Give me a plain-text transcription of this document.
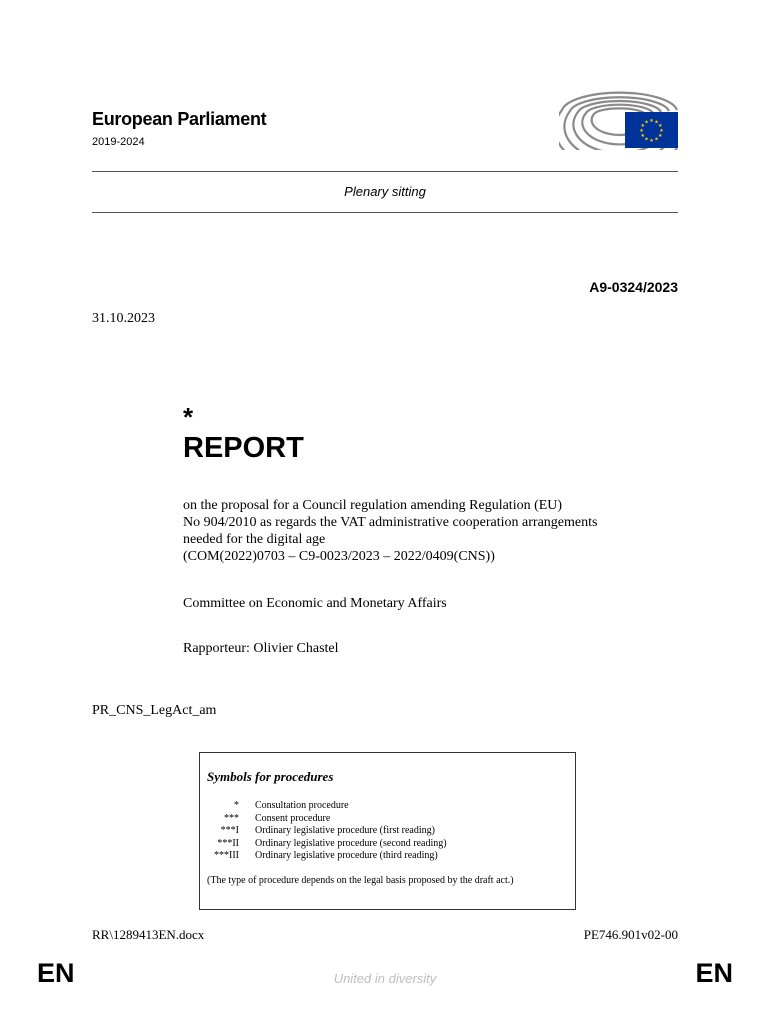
European Parliament
2019-2024
★ ★
★
★
★
★
★
★
★
★
★
★
Plenary sitting
A9-0324/2023
31.10.2023
*
REPORT
on the proposal for a Council regulation amending Regulation (EU)
No 904/2010 as regards the VAT administrative cooperation arrangements
needed for the digital age
(COM(2022)0703 – C9-0023/2023 – 2022/0409(CNS))
Committee on Economic and Monetary Affairs
Rapporteur: Olivier Chastel
PR_CNS_LegAct_am
Symbols for procedures
* Consultation procedure
*** Consent procedure
***I Ordinary legislative procedure (first reading)
***II Ordinary legislative procedure (second reading)
***III Ordinary legislative procedure (third reading)
(The type of procedure depends on the legal basis proposed by the draft act.)
RR\1289413EN.docx	PE746.901v02-00
EN	United in diversity	EN
